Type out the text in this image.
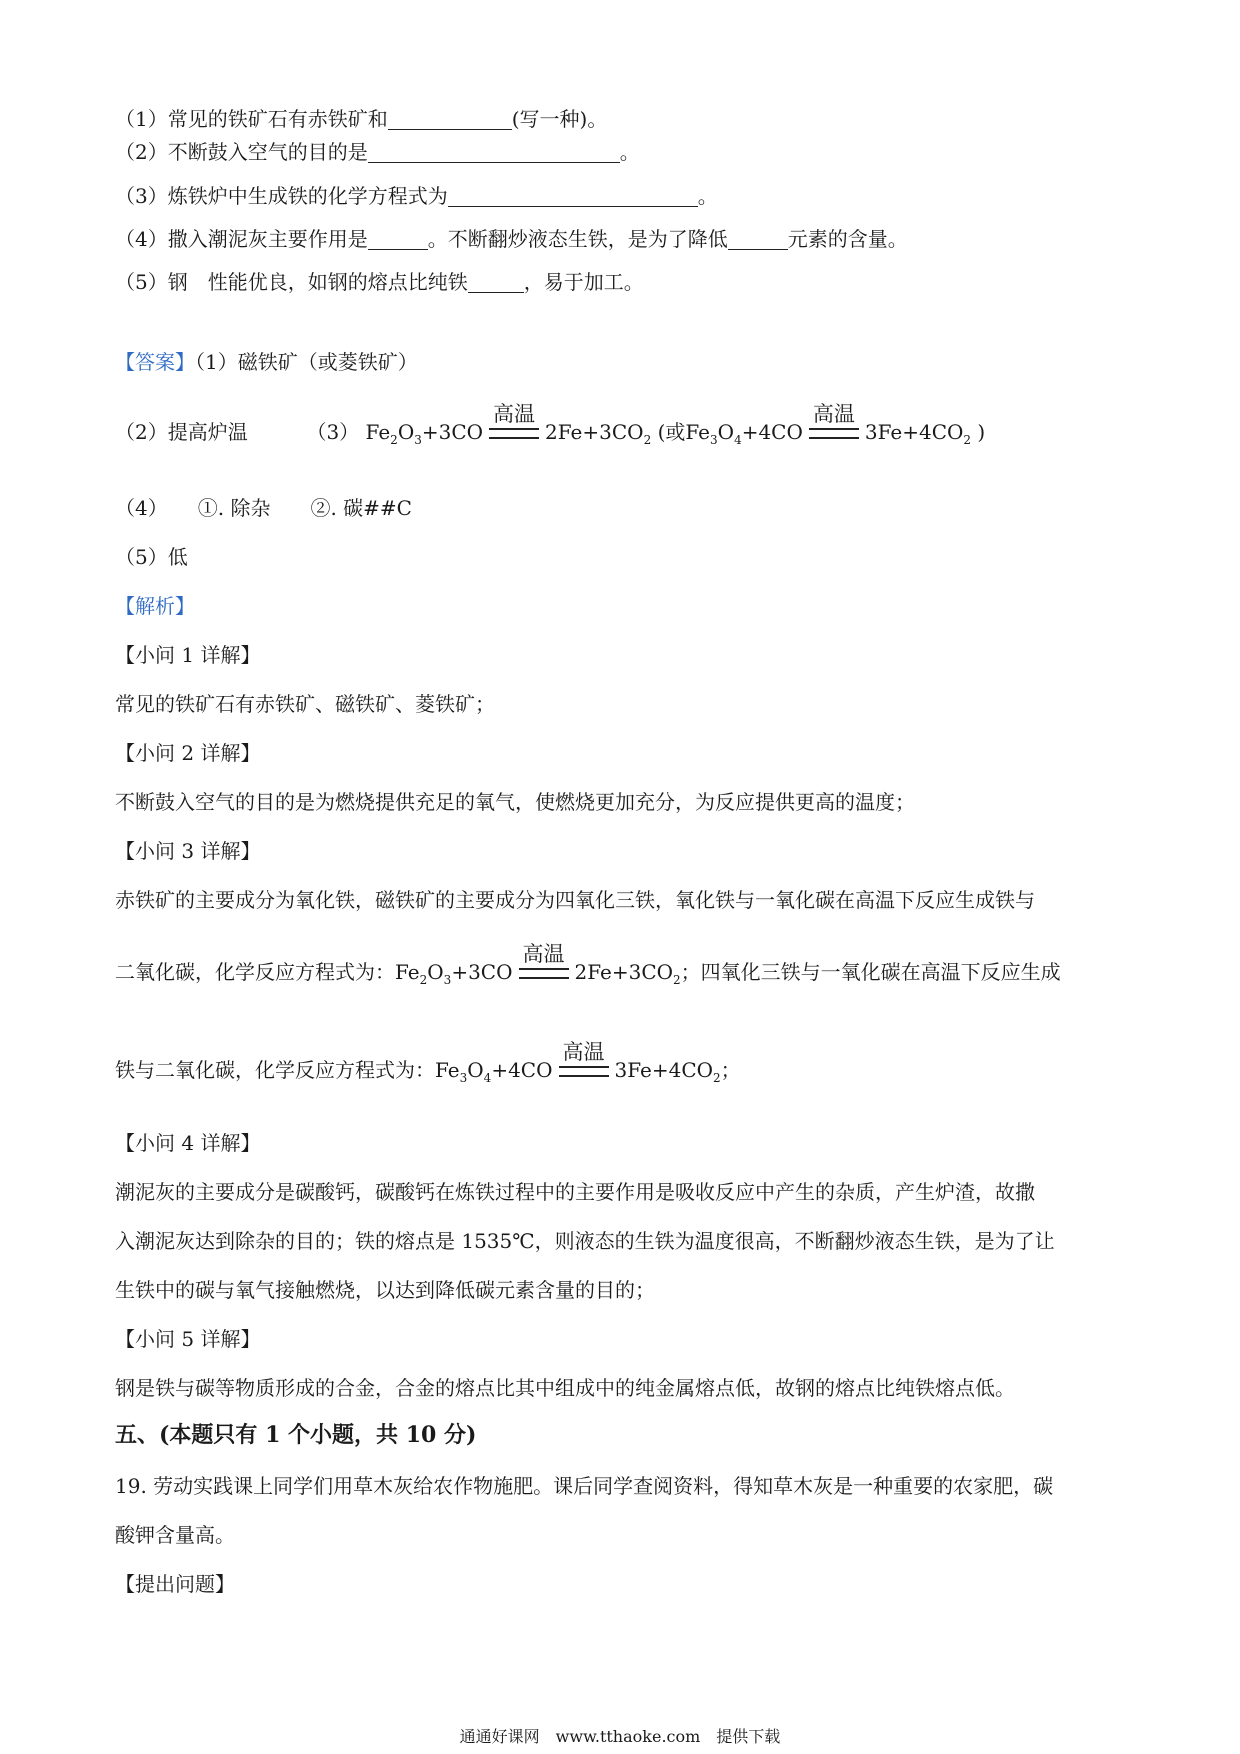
（1）常见的铁矿石有赤铁矿和	(写一种)。
（2）不断鼓入空气的目的是	。
（3）炼铁炉中生成铁的化学方程式为	。
（4）撒入潮泥灰主要作用是	。不断翻炒液态生铁，是为了降低	元素的含量。
（5）钢　性能优良，如钢的熔点比纯铁	，易于加工。
【答案】（1）磁铁矿（或菱铁矿）
（2）提高炉温	（3） $Fe_2O_3+3CO$
高温
$2Fe+3CO_2$ (或$Fe_3O_4+4CO$
高温
$3Fe+4CO_2$ )
（4）　　①. 除杂　　②. 碳##C
（5）低
【解析】
【小问 1 详解】
常见的铁矿石有赤铁矿、磁铁矿、菱铁矿；
【小问 2 详解】
不断鼓入空气的目的是为燃烧提供充足的氧气，使燃烧更加充分，为反应提供更高的温度；
【小问 3 详解】
赤铁矿的主要成分为氧化铁，磁铁矿的主要成分为四氧化三铁，氧化铁与一氧化碳在高温下反应生成铁与
二氧化碳，化学反应方程式为：$Fe_2O_3+3CO$
高温
$2Fe+3CO_2$；四氧化三铁与一氧化碳在高温下反应生成
铁与二氧化碳，化学反应方程式为：$Fe_3O_4+4CO$
高温
$3Fe+4CO_2$；
【小问 4 详解】
潮泥灰的主要成分是碳酸钙，碳酸钙在炼铁过程中的主要作用是吸收反应中产生的杂质，产生炉渣，故撒
入潮泥灰达到除杂的目的；铁的熔点是 1535℃，则液态的生铁为温度很高，不断翻炒液态生铁，是为了让
生铁中的碳与氧气接触燃烧，以达到降低碳元素含量的目的；
【小问 5 详解】
钢是铁与碳等物质形成的合金，合金的熔点比其中组成中的纯金属熔点低，故钢的熔点比纯铁熔点低。
五、(本题只有 1 个小题，共 10 分)
19. 劳动实践课上同学们用草木灰给农作物施肥。课后同学查阅资料，得知草木灰是一种重要的农家肥，碳
酸钾含量高。
【提出问题】
通通好课网　www.tthaoke.com　提供下载
